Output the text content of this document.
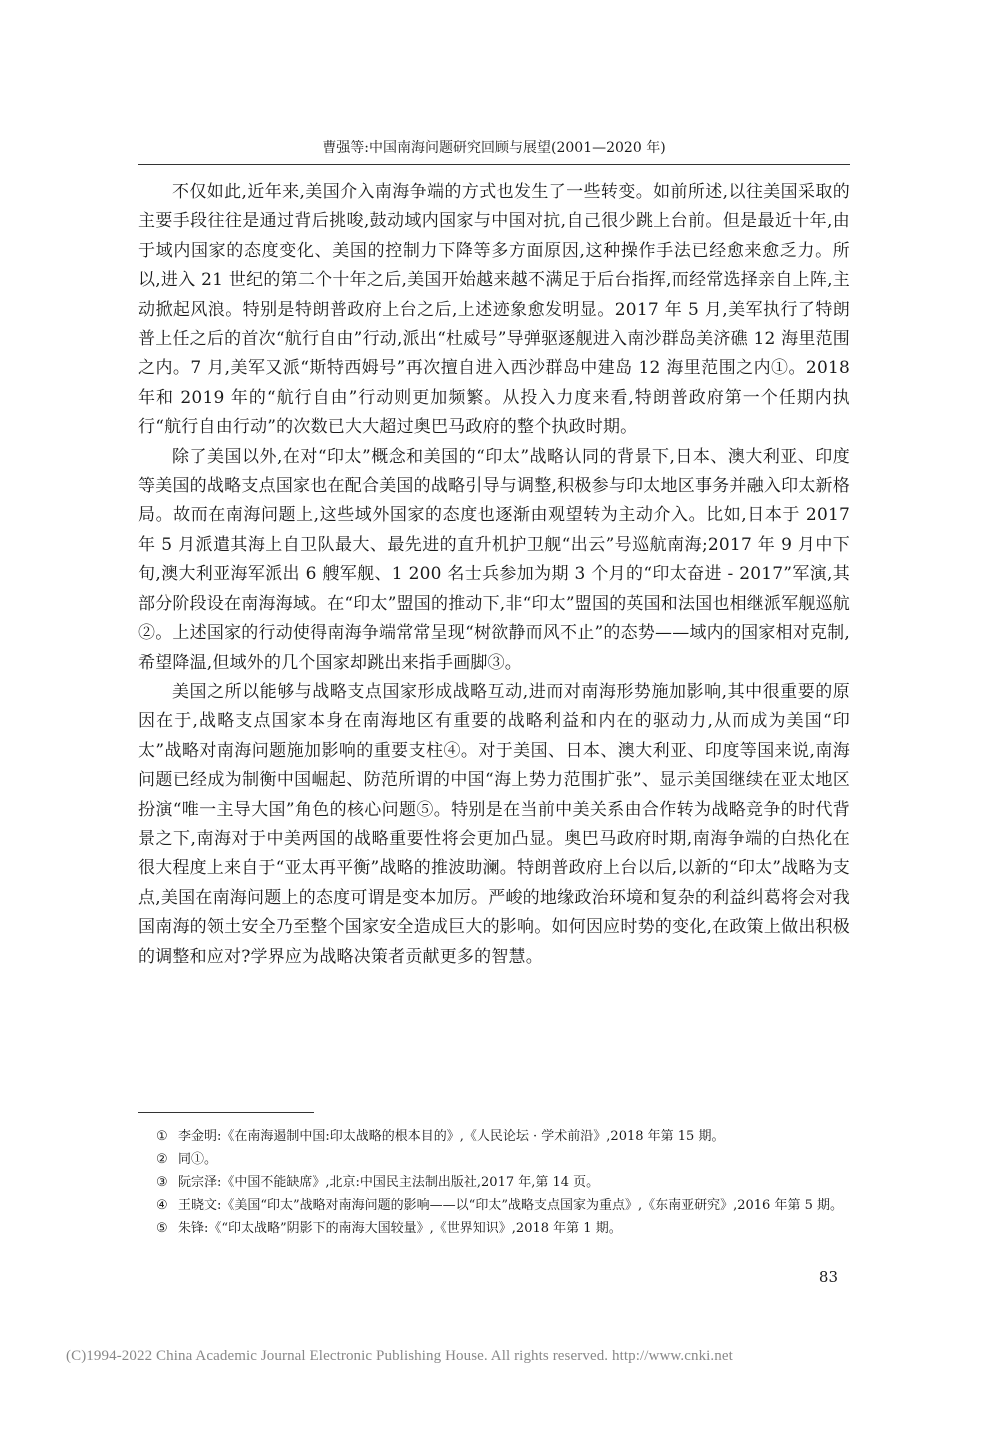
曹强等:中国南海问题研究回顾与展望(2001—2020 年)

不仅如此,近年来,美国介入南海争端的方式也发生了一些转变。如前所述,以往美国采取的主要手段往往是通过背后挑唆,鼓动域内国家与中国对抗,自己很少跳上台前。但是最近十年,由于域内国家的态度变化、美国的控制力下降等多方面原因,这种操作手法已经愈来愈乏力。所以,进入 21 世纪的第二个十年之后,美国开始越来越不满足于后台指挥,而经常选择亲自上阵,主动掀起风浪。特别是特朗普政府上台之后,上述迹象愈发明显。2017 年 5 月,美军执行了特朗普上任之后的首次“航行自由”行动,派出“杜威号”导弹驱逐舰进入南沙群岛美济礁 12 海里范围之内。7 月,美军又派“斯特西姆号”再次擅自进入西沙群岛中建岛 12 海里范围之内①。2018 年和 2019 年的“航行自由”行动则更加频繁。从投入力度来看,特朗普政府第一个任期内执行“航行自由行动”的次数已大大超过奥巴马政府的整个执政时期。

除了美国以外,在对“印太”概念和美国的“印太”战略认同的背景下,日本、澳大利亚、印度等美国的战略支点国家也在配合美国的战略引导与调整,积极参与印太地区事务并融入印太新格局。故而在南海问题上,这些域外国家的态度也逐渐由观望转为主动介入。比如,日本于 2017 年 5 月派遣其海上自卫队最大、最先进的直升机护卫舰“出云”号巡航南海;2017 年 9 月中下旬,澳大利亚海军派出 6 艘军舰、1 200 名士兵参加为期 3 个月的“印太奋进 - 2017”军演,其部分阶段设在南海海域。在“印太”盟国的推动下,非“印太”盟国的英国和法国也相继派军舰巡航②。上述国家的行动使得南海争端常常呈现“树欲静而风不止”的态势——域内的国家相对克制,希望降温,但域外的几个国家却跳出来指手画脚③。

美国之所以能够与战略支点国家形成战略互动,进而对南海形势施加影响,其中很重要的原因在于,战略支点国家本身在南海地区有重要的战略利益和内在的驱动力,从而成为美国“印太”战略对南海问题施加影响的重要支柱④。对于美国、日本、澳大利亚、印度等国来说,南海问题已经成为制衡中国崛起、防范所谓的中国“海上势力范围扩张”、显示美国继续在亚太地区扮演“唯一主导大国”角色的核心问题⑤。特别是在当前中美关系由合作转为战略竞争的时代背景之下,南海对于中美两国的战略重要性将会更加凸显。奥巴马政府时期,南海争端的白热化在很大程度上来自于“亚太再平衡”战略的推波助澜。特朗普政府上台以后,以新的“印太”战略为支点,美国在南海问题上的态度可谓是变本加厉。严峻的地缘政治环境和复杂的利益纠葛将会对我国南海的领土安全乃至整个国家安全造成巨大的影响。如何因应时势的变化,在政策上做出积极的调整和应对?学界应为战略决策者贡献更多的智慧。

① 李金明:《在南海遏制中国:印太战略的根本目的》,《人民论坛 · 学术前沿》,2018 年第 15 期。
② 同①。
③ 阮宗泽:《中国不能缺席》,北京:中国民主法制出版社,2017 年,第 14 页。
④ 王晓文:《美国“印太”战略对南海问题的影响——以“印太”战略支点国家为重点》,《东南亚研究》,2016 年第 5 期。
⑤ 朱锋:《“印太战略”阴影下的南海大国较量》,《世界知识》,2018 年第 1 期。
83
(C)1994-2022 China Academic Journal Electronic Publishing House. All rights reserved. http://www.cnki.net
